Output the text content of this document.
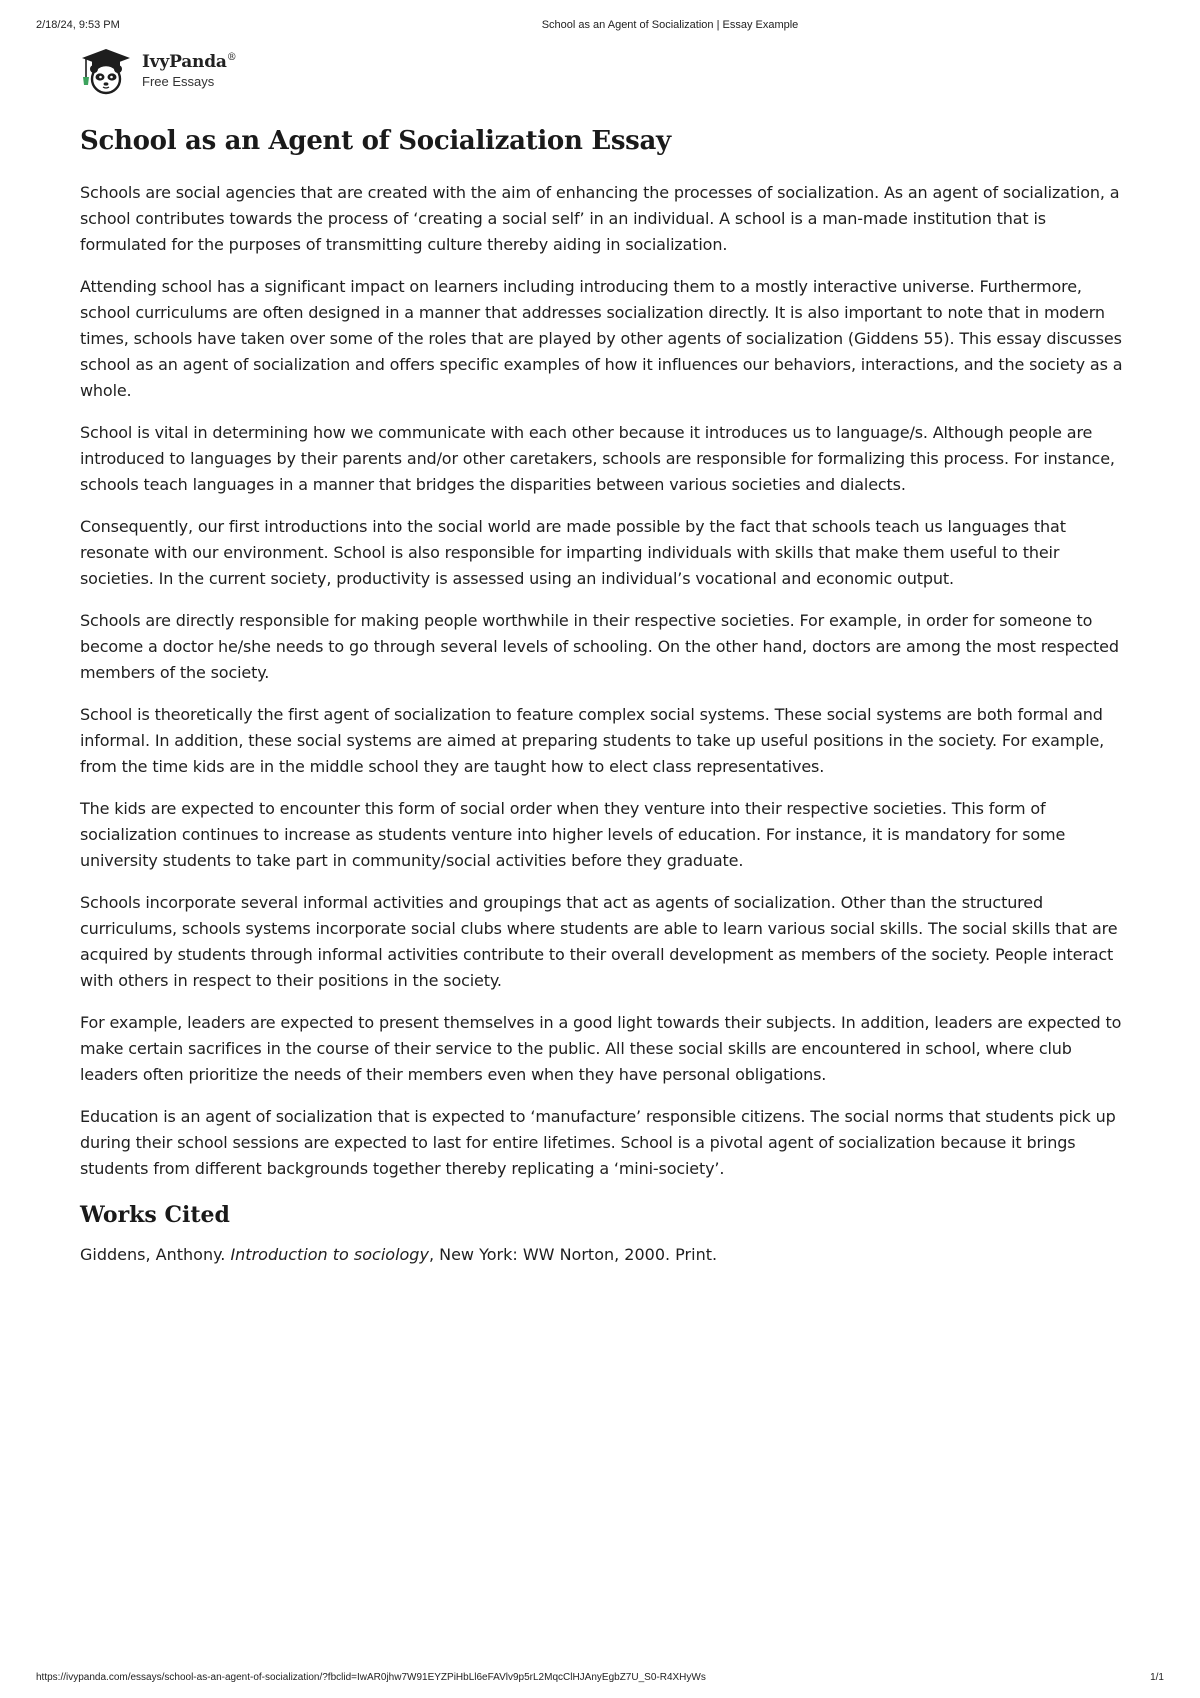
2/18/24, 9:53 PM	School as an Agent of Socialization | Essay Example
IvyPanda®
Free Essays
School as an Agent of Socialization Essay

Schools are social agencies that are created with the aim of enhancing the processes of socialization. As an agent of socialization, a school contributes towards the process of ‘creating a social self’ in an individual. A school is a man-made institution that is formulated for the purposes of transmitting culture thereby aiding in socialization.

Attending school has a significant impact on learners including introducing them to a mostly interactive universe. Furthermore, school curriculums are often designed in a manner that addresses socialization directly. It is also important to note that in modern times, schools have taken over some of the roles that are played by other agents of socialization (Giddens 55). This essay discusses school as an agent of socialization and offers specific examples of how it influences our behaviors, interactions, and the society as a whole.

School is vital in determining how we communicate with each other because it introduces us to language/s. Although people are introduced to languages by their parents and/or other caretakers, schools are responsible for formalizing this process. For instance, schools teach languages in a manner that bridges the disparities between various societies and dialects.

Consequently, our first introductions into the social world are made possible by the fact that schools teach us languages that resonate with our environment. School is also responsible for imparting individuals with skills that make them useful to their societies. In the current society, productivity is assessed using an individual’s vocational and economic output.

Schools are directly responsible for making people worthwhile in their respective societies. For example, in order for someone to become a doctor he/she needs to go through several levels of schooling. On the other hand, doctors are among the most respected members of the society.

School is theoretically the first agent of socialization to feature complex social systems. These social systems are both formal and informal. In addition, these social systems are aimed at preparing students to take up useful positions in the society. For example, from the time kids are in the middle school they are taught how to elect class representatives.

The kids are expected to encounter this form of social order when they venture into their respective societies. This form of socialization continues to increase as students venture into higher levels of education. For instance, it is mandatory for some university students to take part in community/social activities before they graduate.

Schools incorporate several informal activities and groupings that act as agents of socialization. Other than the structured curriculums, schools systems incorporate social clubs where students are able to learn various social skills. The social skills that are acquired by students through informal activities contribute to their overall development as members of the society. People interact with others in respect to their positions in the society.

For example, leaders are expected to present themselves in a good light towards their subjects. In addition, leaders are expected to make certain sacrifices in the course of their service to the public. All these social skills are encountered in school, where club leaders often prioritize the needs of their members even when they have personal obligations.

Education is an agent of socialization that is expected to ‘manufacture’ responsible citizens. The social norms that students pick up during their school sessions are expected to last for entire lifetimes. School is a pivotal agent of socialization because it brings students from different backgrounds together thereby replicating a ‘mini-society’.

Works Cited

Giddens, Anthony. Introduction to sociology, New York: WW Norton, 2000. Print.

https://ivypanda.com/essays/school-as-an-agent-of-socialization/?fbclid=IwAR0jhw7W91EYZPiHbLl6eFAVlv9p5rL2MqcClHJAnyEgbZ7U_S0-R4XHyWs	1/1
